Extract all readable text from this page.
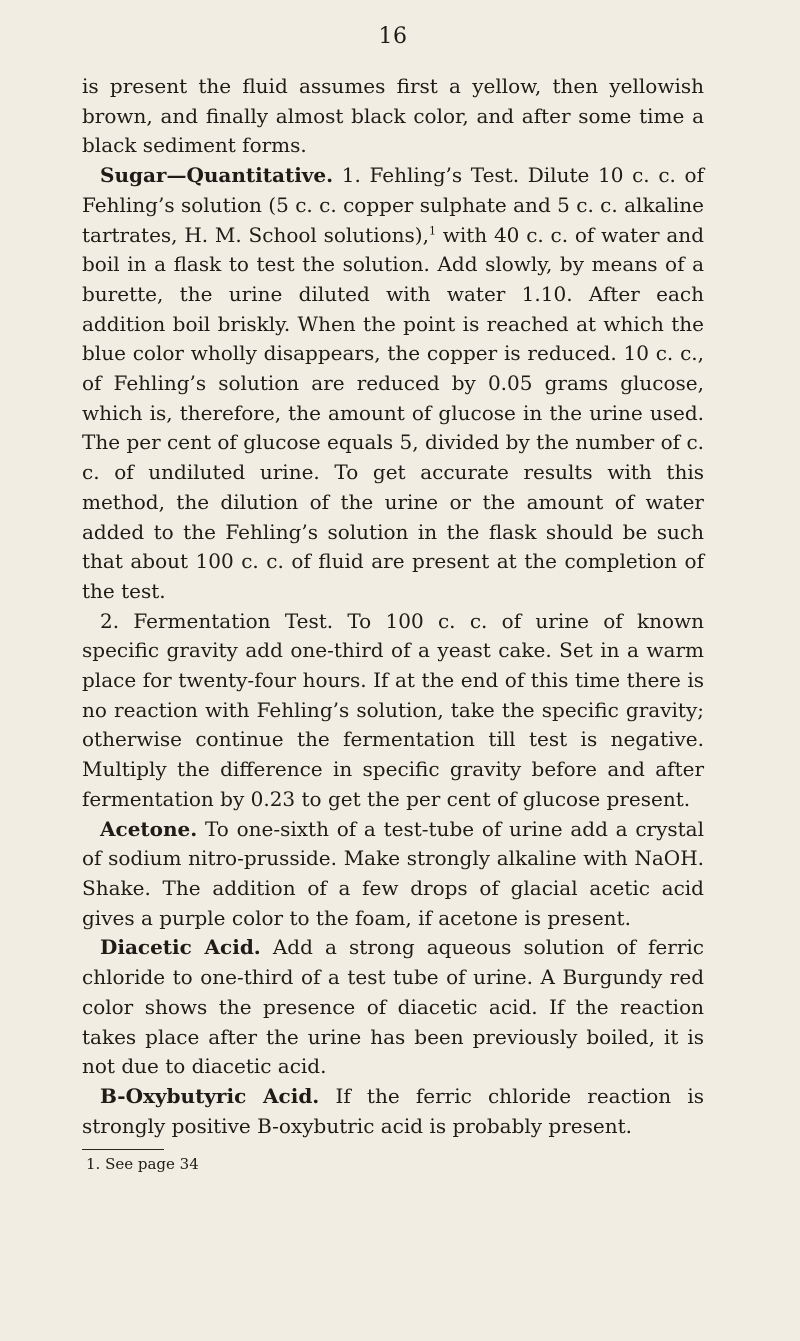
16

is present the fluid assumes first a yellow, then yellowish brown, and finally almost black color, and after some time a black sediment forms.

Sugar—Quantitative. 1. Fehling’s Test. Dilute 10 c. c. of Fehling’s solution (5 c. c. copper sulphate and 5 c. c. alkaline tartrates, H. M. School solutions),$^1$ with 40 c. c. of water and boil in a flask to test the solution. Add slowly, by means of a burette, the urine diluted with water 1.10. After each addition boil briskly. When the point is reached at which the blue color wholly disappears, the copper is reduced. 10 c. c., of Fehling’s solution are reduced by 0.05 grams glucose, which is, therefore, the amount of glucose in the urine used. The per cent of glucose equals 5, divided by the number of c. c. of undiluted urine. To get accurate results with this method, the dilution of the urine or the amount of water added to the Fehling’s solution in the flask should be such that about 100 c. c. of fluid are present at the completion of the test.

2. Fermentation Test. To 100 c. c. of urine of known specific gravity add one-third of a yeast cake. Set in a warm place for twenty-four hours. If at the end of this time there is no reaction with Fehling’s solution, take the specific gravity; otherwise continue the fermentation till test is negative. Multiply the difference in specific gravity before and after fermentation by 0.23 to get the per cent of glucose present.

Acetone. To one-sixth of a test-tube of urine add a crystal of sodium nitro-prusside. Make strongly alkaline with NaOH. Shake. The addition of a few drops of glacial acetic acid gives a purple color to the foam, if acetone is present.

Diacetic Acid. Add a strong aqueous solution of ferric chloride to one-third of a test tube of urine. A Burgundy red color shows the presence of diacetic acid. If the reaction takes place after the urine has been previously boiled, it is not due to diacetic acid.

B-Oxybutyric Acid. If the ferric chloride reaction is strongly positive B-oxybutric acid is probably present.

1. See page 34
